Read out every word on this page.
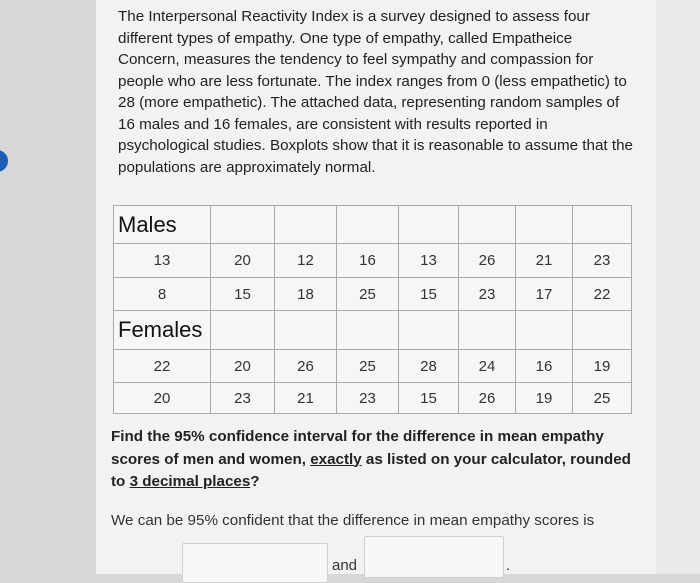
The Interpersonal Reactivity Index is a survey designed to assess four different types of empathy. One type of empathy, called Empatheice Concern, measures the tendency to feel sympathy and compassion for people who are less fortunate. The index ranges from 0 (less empathetic) to 28 (more empathetic). The attached data, representing random samples of 16 males and 16 females, are consistent with results reported in psychological studies. Boxplots show that it is reasonable to assume that the populations are approximately normal.
Males							
13	20	12	16	13	26	21	23
8	15	18	25	15	23	17	22
Females							
22	20	26	25	28	24	16	19
20	23	21	23	15	26	19	25
Find the 95% confidence interval for the difference in mean empathy scores of men and women, exactly as listed on your calculator, rounded to 3 decimal places?
We can be 95% confident that the difference in mean empathy scores is
and	.
